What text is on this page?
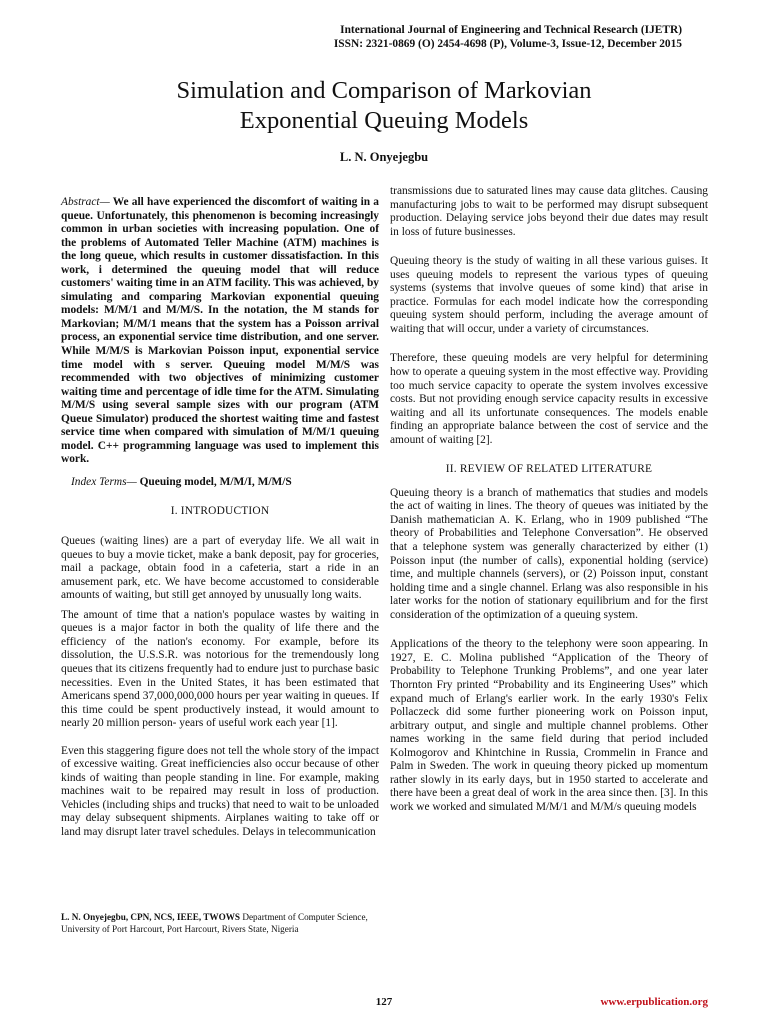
International Journal of Engineering and Technical Research (IJETR)
ISSN: 2321-0869 (O) 2454-4698 (P), Volume-3, Issue-12, December 2015
Simulation and Comparison of Markovian
Exponential Queuing Models
L. N. Onyejegbu

Abstract— We all have experienced the discomfort of waiting in a queue. Unfortunately, this phenomenon is becoming increasingly common in urban societies with increasing population. One of the problems of Automated Teller Machine (ATM) machines is the long queue, which results in customer dissatisfaction. In this work, i determined the queuing model that will reduce customers' waiting time in an ATM facility. This was achieved, by simulating and comparing Markovian exponential queuing models: M/M/1 and M/M/S. In the notation, the M stands for Markovian; M/M/1 means that the system has a Poisson arrival process, an exponential service time distribution, and one server. While M/M/S is Markovian Poisson input, exponential service time model with s server. Queuing model M/M/S was recommended with two objectives of minimizing customer waiting time and percentage of idle time for the ATM. Simulating M/M/S using several sample sizes with our program (ATM Queue Simulator) produced the shortest waiting time and fastest service time when compared with simulation of M/M/1 queuing model. C++ programming language was used to implement this work.

Index Terms— Queuing model, M/M/I, M/M/S

I. INTRODUCTION

Queues (waiting lines) are a part of everyday life. We all wait in queues to buy a movie ticket, make a bank deposit, pay for groceries, mail a package, obtain food in a cafeteria, start a ride in an amusement park, etc. We have become accustomed to considerable amounts of waiting, but still get annoyed by unusually long waits.

The amount of time that a nation's populace wastes by waiting in queues is a major factor in both the quality of life there and the efficiency of the nation's economy. For example, before its dissolution, the U.S.S.R. was notorious for the tremendously long queues that its citizens frequently had to endure just to purchase basic necessities. Even in the United States, it has been estimated that Americans spend 37,000,000,000 hours per year waiting in queues. If this time could be spent productively instead, it would amount to nearly 20 million person- years of useful work each year [1].

Even this staggering figure does not tell the whole story of the impact of excessive waiting. Great inefficiencies also occur because of other kinds of waiting than people standing in line. For example, making machines wait to be repaired may result in loss of production. Vehicles (including ships and trucks) that need to wait to be unloaded may delay subsequent shipments. Airplanes waiting to take off or land may disrupt later travel schedules. Delays in telecommunication

transmissions due to saturated lines may cause data glitches. Causing manufacturing jobs to wait to be performed may disrupt subsequent production. Delaying service jobs beyond their due dates may result in loss of future businesses.

Queuing theory is the study of waiting in all these various guises. It uses queuing models to represent the various types of queuing systems (systems that involve queues of some kind) that arise in practice. Formulas for each model indicate how the corresponding queuing system should perform, including the average amount of waiting that will occur, under a variety of circumstances.

Therefore, these queuing models are very helpful for determining how to operate a queuing system in the most effective way. Providing too much service capacity to operate the system involves excessive costs. But not providing enough service capacity results in excessive waiting and all its unfortunate consequences. The models enable finding an appropriate balance between the cost of service and the amount of waiting [2].

II. REVIEW OF RELATED LITERATURE

Queuing theory is a branch of mathematics that studies and models the act of waiting in lines. The theory of queues was initiated by the Danish mathematician A. K. Erlang, who in 1909 published “The theory of Probabilities and Telephone Conversation”. He observed that a telephone system was generally characterized by either (1) Poisson input (the number of calls), exponential holding (service) time, and multiple channels (servers), or (2) Poisson input, constant holding time and a single channel. Erlang was also responsible in his later works for the notion of stationary equilibrium and for the first consideration of the optimization of a queuing system.

Applications of the theory to the telephony were soon appearing. In 1927, E. C. Molina published “Application of the Theory of Probability to Telephone Trunking Problems”, and one year later Thornton Fry printed “Probability and its Engineering Uses” which expand much of Erlang's earlier work. In the early 1930's Felix Pollaczeck did some further pioneering work on Poisson input, arbitrary output, and single and multiple channel problems. Other names working in the same field during that period included Kolmogorov and Khintchine in Russia, Crommelin in France and Palm in Sweden. The work in queuing theory picked up momentum rather slowly in its early days, but in 1950 started to accelerate and there have been a great deal of work in the area since then. [3]. In this work we worked and simulated M/M/1 and M/M/s queuing models

L. N. Onyejegbu, CPN, NCS, IEEE, TWOWS Department of Computer Science, University of Port Harcourt, Port Harcourt, Rivers State, Nigeria
127	www.erpublication.org
